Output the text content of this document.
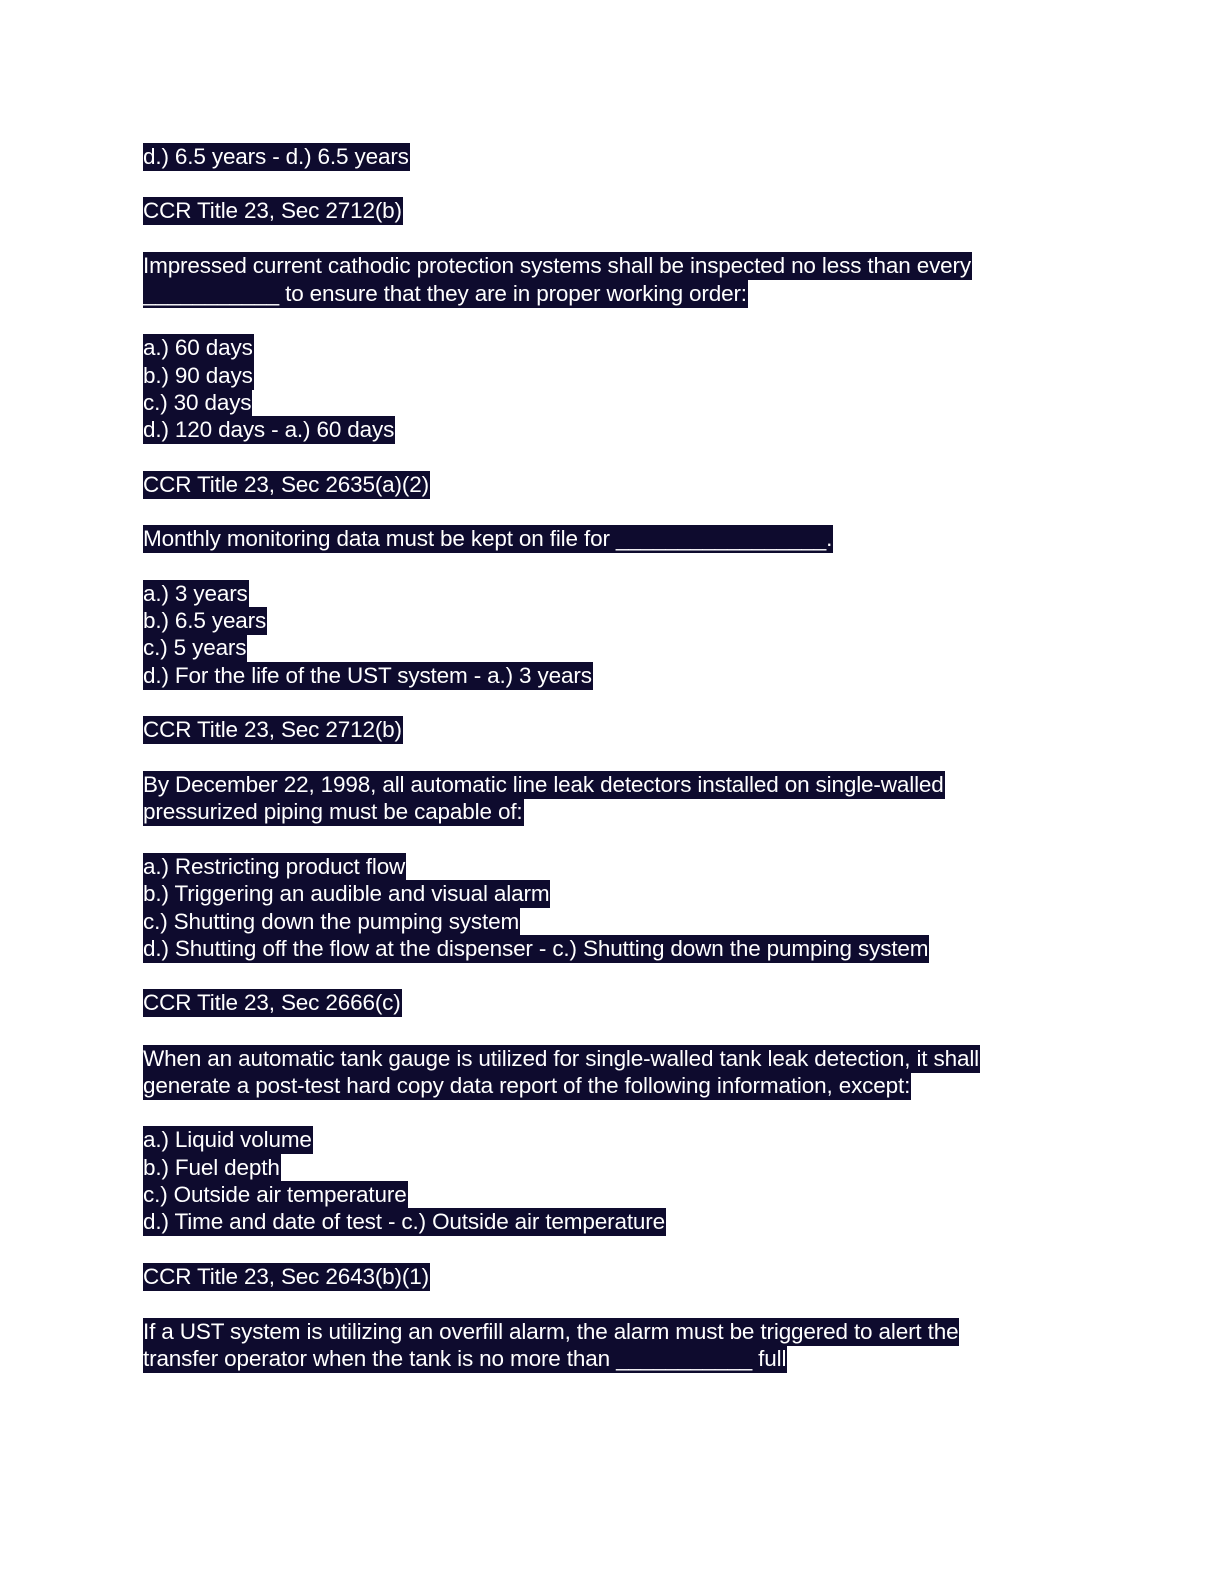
d.) 6.5 years - d.) 6.5 years
CCR Title 23, Sec 2712(b)
Impressed current cathodic protection systems shall be inspected no less than every
___________ to ensure that they are in proper working order:
a.) 60 days
b.) 90 days
c.) 30 days
d.) 120 days - a.) 60 days
CCR Title 23, Sec 2635(a)(2)
Monthly monitoring data must be kept on file for _________________.
a.) 3 years
b.) 6.5 years
c.) 5 years
d.) For the life of the UST system - a.) 3 years
CCR Title 23, Sec 2712(b)
By December 22, 1998, all automatic line leak detectors installed on single-walled
pressurized piping must be capable of:
a.) Restricting product flow
b.) Triggering an audible and visual alarm
c.) Shutting down the pumping system
d.) Shutting off the flow at the dispenser - c.) Shutting down the pumping system
CCR Title 23, Sec 2666(c)
When an automatic tank gauge is utilized for single-walled tank leak detection, it shall
generate a post-test hard copy data report of the following information, except:
a.) Liquid volume
b.) Fuel depth
c.) Outside air temperature
d.) Time and date of test - c.) Outside air temperature
CCR Title 23, Sec 2643(b)(1)
If a UST system is utilizing an overfill alarm, the alarm must be triggered to alert the
transfer operator when the tank is no more than ___________ full
